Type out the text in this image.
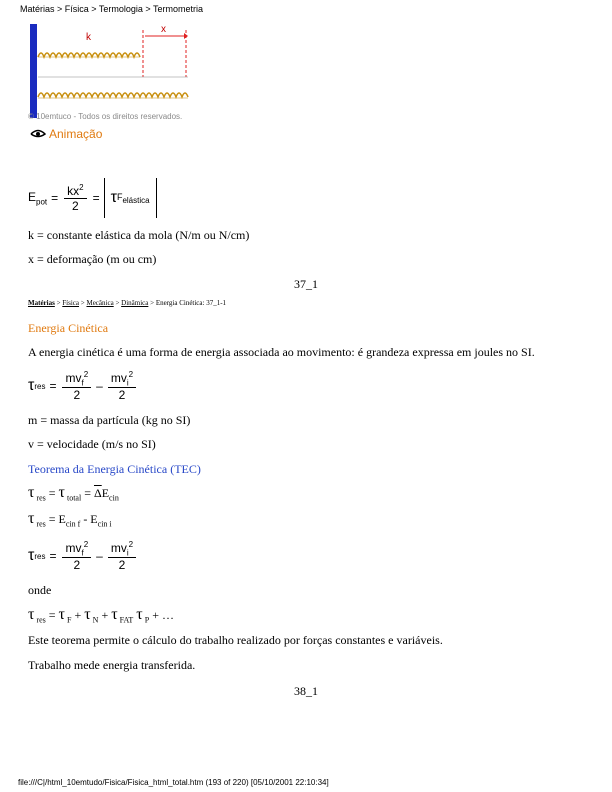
Matérias > Física > Termologia > Termometria
k
x
© 10emtuco - Todos os direitos reservados.
Animação
$E_{pot} = \frac{kx^2}{2} = \tau$ $F_{elástica}$
k = constante elástica da mola (N/m ou N/cm)
x = deformação (m ou cm)
37_1
Matérias > Física > Mecânica > Dinâmica > Energia Cinética: 37_1-1
Energia Cinética
A energia cinética é uma forma de energia associada ao movimento: é grandeza expressa em joules no SI.
τ res = $\frac{mv_f^2}{2} - \frac{mv_i^2}{2}$
m = massa da partícula (kg no SI)
v = velocidade (m/s no SI)
Teorema da Energia Cinética (TEC)
τ $_{res}$ = τ $_{total} = \overline{\Delta}E_{cin}$
τ $_{res} = E_{cin f} - E_{cin i}$
τ res = $\frac{mv_f^2}{2} - \frac{mv_i^2}{2}$
onde
τ $_{res}$ = τ $_F$ + τ $_N$ + τ $_{FAT}$ τ $_P$ + …
Este teorema permite o cálculo do trabalho realizado por forças constantes e variáveis.
Trabalho mede energia transferida.
38_1
file:///C|/html_10emtudo/Fisica/Fisica_html_total.htm (193 of 220) [05/10/2001 22:10:34]
